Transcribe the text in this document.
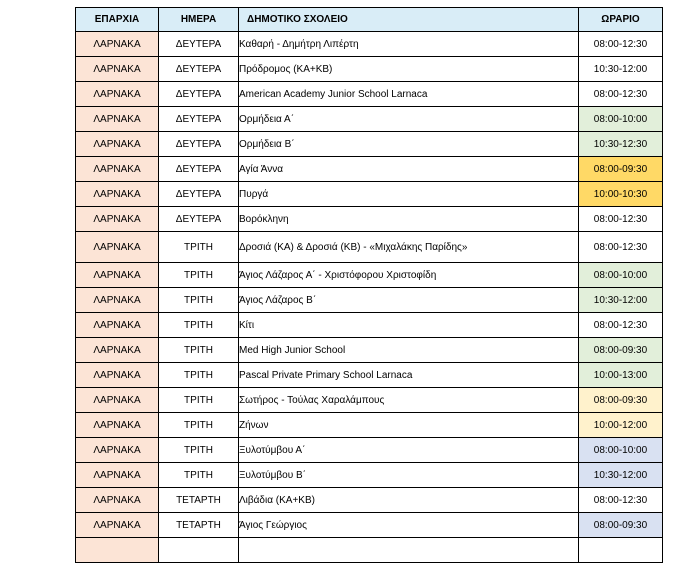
ΕΠΑΡΧΙΑ	ΗΜΕΡΑ	ΔΗΜΟΤΙΚΟ ΣΧΟΛΕΙΟ	ΩΡΑΡΙΟ
ΛΑΡΝΑΚΑ	ΔΕΥΤΕΡΑ	Καθαρή - Δημήτρη Λιπέρτη	08:00-12:30
ΛΑΡΝΑΚΑ	ΔΕΥΤΕΡΑ	Πρόδρομος (ΚΑ+ΚΒ)	10:30-12:00
ΛΑΡΝΑΚΑ	ΔΕΥΤΕΡΑ	American Academy Junior School Larnaca	08:00-12:30
ΛΑΡΝΑΚΑ	ΔΕΥΤΕΡΑ	Ορμήδεια Α΄	08:00-10:00
ΛΑΡΝΑΚΑ	ΔΕΥΤΕΡΑ	Ορμήδεια Β΄	10:30-12:30
ΛΑΡΝΑΚΑ	ΔΕΥΤΕΡΑ	Αγία Άννα	08:00-09:30
ΛΑΡΝΑΚΑ	ΔΕΥΤΕΡΑ	Πυργά	10:00-10:30
ΛΑΡΝΑΚΑ	ΔΕΥΤΕΡΑ	Βορόκληνη	08:00-12:30
ΛΑΡΝΑΚΑ	ΤΡΙΤΗ	Δροσιά (ΚΑ) & Δροσιά (ΚΒ) - «Μιχαλάκης Παρίδης»	08:00-12:30
ΛΑΡΝΑΚΑ	ΤΡΙΤΗ	Άγιος Λάζαρος Α΄ - Χριστόφορου Χριστοφίδη	08:00-10:00
ΛΑΡΝΑΚΑ	ΤΡΙΤΗ	Άγιος Λάζαρος Β΄	10:30-12:00
ΛΑΡΝΑΚΑ	ΤΡΙΤΗ	Κίτι	08:00-12:30
ΛΑΡΝΑΚΑ	ΤΡΙΤΗ	Med High Junior School	08:00-09:30
ΛΑΡΝΑΚΑ	ΤΡΙΤΗ	Pascal Private Primary School Larnaca	10:00-13:00
ΛΑΡΝΑΚΑ	ΤΡΙΤΗ	Σωτήρος - Τούλας Χαραλάμπους	08:00-09:30
ΛΑΡΝΑΚΑ	ΤΡΙΤΗ	Ζήνων	10:00-12:00
ΛΑΡΝΑΚΑ	ΤΡΙΤΗ	Ξυλοτύμβου Α΄	08:00-10:00
ΛΑΡΝΑΚΑ	ΤΡΙΤΗ	Ξυλοτύμβου Β΄	10:30-12:00
ΛΑΡΝΑΚΑ	ΤΕΤΑΡΤΗ	Λιβάδια (ΚΑ+ΚΒ)	08:00-12:30
ΛΑΡΝΑΚΑ	ΤΕΤΑΡΤΗ	Άγιος Γεώργιος	08:00-09:30
